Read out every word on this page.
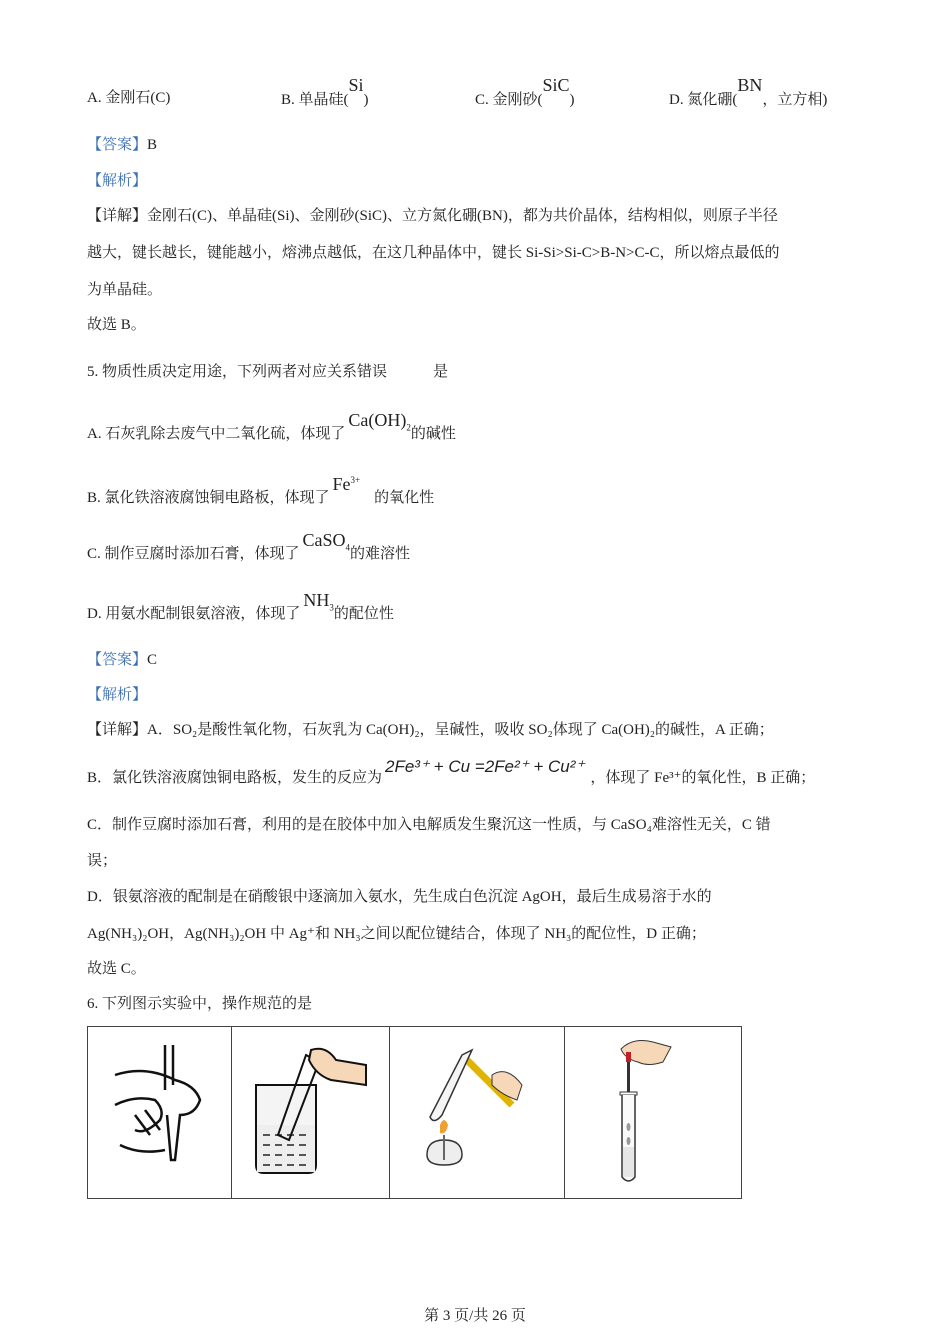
A. 金刚石(C)	B. 单晶硅(Si)	C. 金刚砂(SiC)	D. 氮化硼(BN，立方相)
【答案】B
【解析】
【详解】金刚石(C)、单晶硅(Si)、金刚砂(SiC)、立方氮化硼(BN)，都为共价晶体，结构相似，则原子半径
越大，键长越长，键能越小，熔沸点越低，在这几种晶体中，键长 Si-Si>Si-C>B-N>C-C，所以熔点最低的
为单晶硅。
故选 B。
5. 物质性质决定用途，下列两者对应关系错误	是
A. 石灰乳除去废气中二氧化硫，体现了$Ca(OH)_2$的碱性
B. 氯化铁溶液腐蚀铜电路板，体现了$Fe^{3+}$的氧化性
C. 制作豆腐时添加石膏，体现了CaSO$_4$的难溶性
D. 用氨水配制银氨溶液，体现了$NH_3$的配位性
【答案】C
【解析】
【详解】A．SO₂是酸性氧化物，石灰乳为 Ca(OH)₂，呈碱性，吸收 SO₂体现了 Ca(OH)₂的碱性，A 正确；
B．氯化铁溶液腐蚀铜电路板，发生的反应为2Fe³⁺ + Cu =2Fe²⁺ + Cu²⁺，体现了 Fe³⁺的氧化性，B 正确；
C．制作豆腐时添加石膏，利用的是在胶体中加入电解质发生聚沉这一性质，与 CaSO₄难溶性无关，C 错
误；
D．银氨溶液的配制是在硝酸银中逐滴加入氨水，先生成白色沉淀 AgOH，最后生成易溶于水的
Ag(NH₃)₂OH，Ag(NH₃)₂OH 中 Ag⁺和 NH₃之间以配位键结合，体现了 NH₃的配位性，D 正确；
故选 C。
6. 下列图示实验中，操作规范的是

第 3 页/共 26 页
